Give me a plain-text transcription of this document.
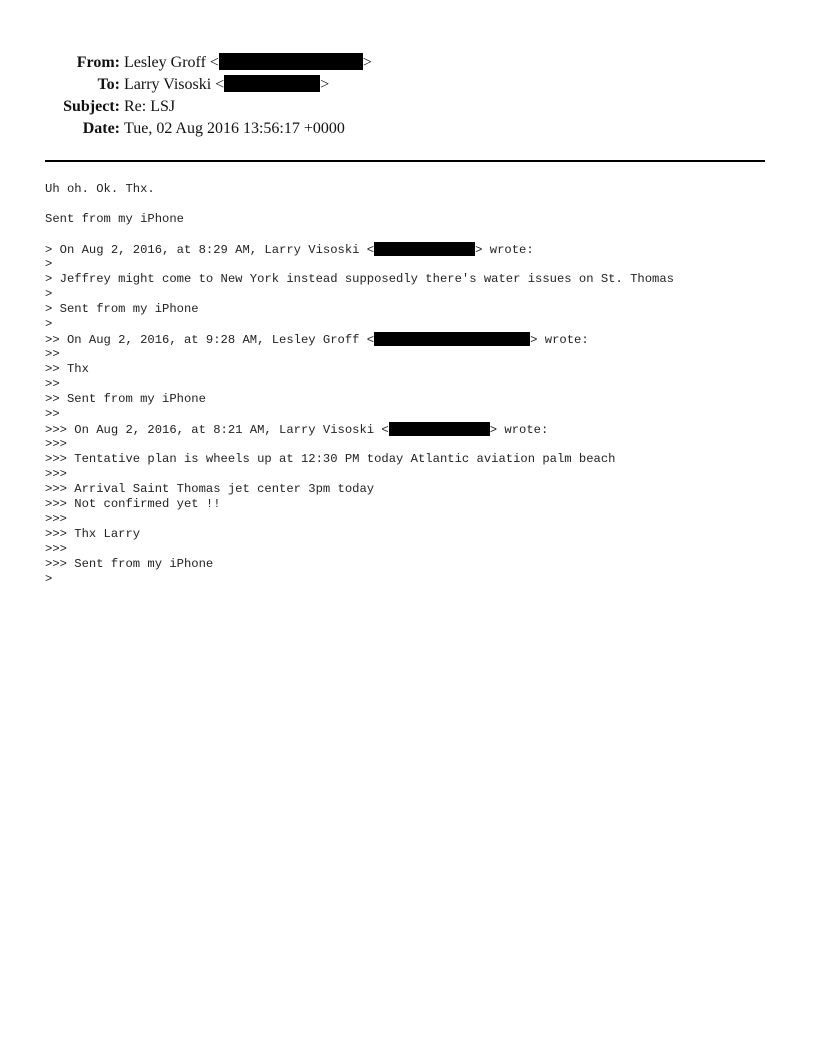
From: Lesley Groff <	>
To: Larry Visoski <	>
Subject: Re: LSJ
Date: Tue, 02 Aug 2016 13:56:17 +0000
Uh oh. Ok. Thx.
Sent from my iPhone
> On Aug 2, 2016, at 8:29 AM, Larry Visoski <	> wrote:
>
> Jeffrey might come to New York instead supposedly there's water issues on St. Thomas
>
> Sent from my iPhone
>
>> On Aug 2, 2016, at 9:28 AM, Lesley Groff <	> wrote:
>>
>> Thx
>>
>> Sent from my iPhone
>>
>>> On Aug 2, 2016, at 8:21 AM, Larry Visoski <	> wrote:
>>>
>>> Tentative plan is wheels up at 12:30 PM today Atlantic aviation palm beach
>>>
>>> Arrival Saint Thomas jet center 3pm today
>>> Not confirmed yet !!
>>>
>>> Thx Larry
>>>
>>> Sent from my iPhone
>
